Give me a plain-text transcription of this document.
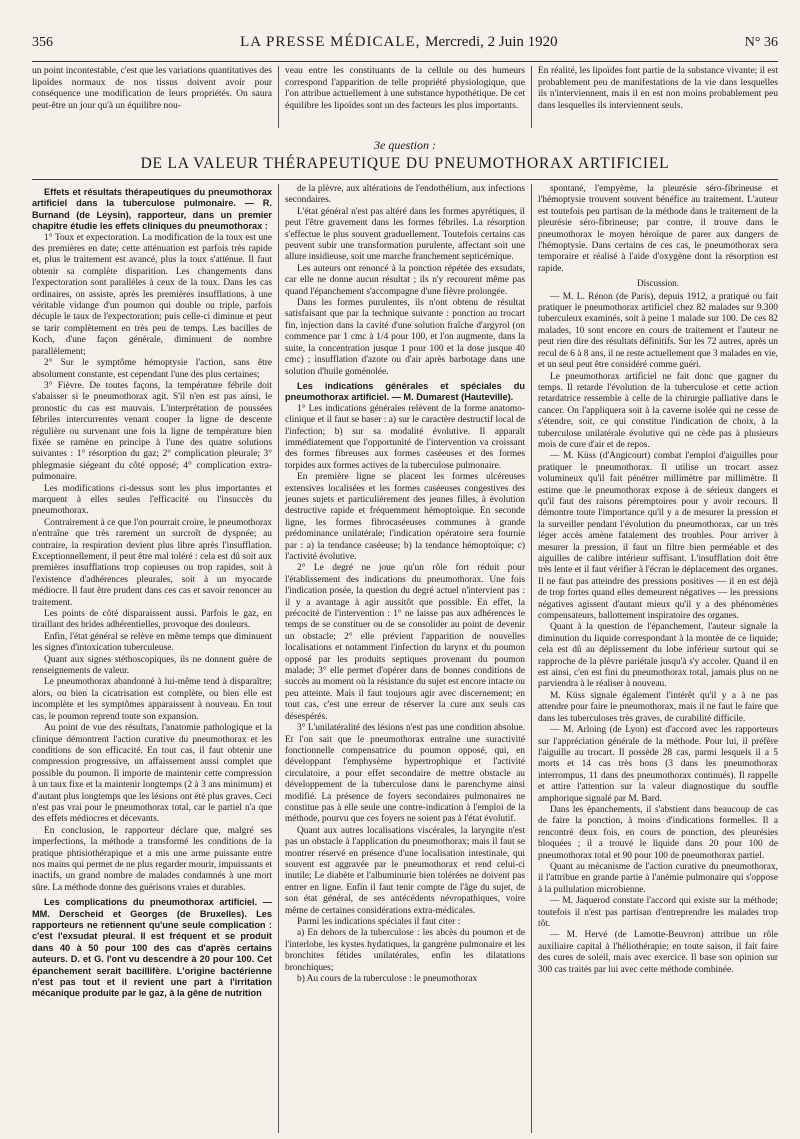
356	LA PRESSE MÉDICALE, Mercredi, 2 Juin 1920	N° 36
un point incontestable, c'est que les variations quantitatives des lipoïdes normaux de nos tissus doivent avoir pour conséquence une modification de leurs propriétés. On saura peut-être un jour qu'à un équilibre nou-
veau entre les constituants de la cellule ou des humeurs correspond l'apparition de telle propriété physiologique, que l'on attribue actuellement à une substance hypothétique. De cet équilibre les lipoïdes sont un des facteurs les plus importants.
En réalité, les lipoïdes font partie de la substance vivante; il est probablement peu de manifestations de la vie dans lesquelles ils n'interviennent, mais il en est non moins probablement peu dans lesquelles ils interviennent seuls.
3e question :
DE LA VALEUR THÉRAPEUTIQUE DU PNEUMOTHORAX ARTIFICIEL

Effets et résultats thérapeutiques du pneumothorax artificiel dans la tuberculose pulmonaire. — R. Burnand (de Leysin), rapporteur, dans un premier chapitre étudie les effets cliniques du pneumothorax :

1° Toux et expectoration. La modification de la toux est une des premières en date; cette atténuation est parfois très rapide et, plus le traitement est avancé, plus la toux s'atténue. Il faut obtenir sa complète disparition. Les changements dans l'expectoration sont parallèles à ceux de la toux. Dans les cas ordinaires, on assiste, après les premières insufflations, à une véritable vidange d'un poumon qui double ou triple, parfois décuple le taux de l'expectoration; puis celle-ci diminue et peut se tarir complètement en très peu de temps. Les bacilles de Koch, d'une façon générale, diminuent de nombre parallèlement;

2° Sur le symptôme hémoptysie l'action, sans être absolument constante, est cependant l'une des plus certaines;

3° Fièvre. De toutes façons, la température fébrile doit s'abaisser si le pneumothorax agit. S'il n'en est pas ainsi, le pronostic du cas est mauvais. L'interprétation de poussées fébriles intercurrentes venant couper la ligne de descente régulière ou survenant une fois la ligne de température bien fixée se ramène en principe à l'une des quatre solutions suivantes : 1° résorption du gaz; 2° complication pleurale; 3° phlegmasie siégeant du côté opposé; 4° complication extra-pulmonaire.

Les modifications ci-dessus sont les plus importantes et marquent à elles seules l'efficacité ou l'insuccès du pneumothorax.

Contrairement à ce que l'on pourrait croire, le pneumothorax n'entraîne que très rarement un surcroît de dyspnée; au contraire, la respiration devient plus libre après l'insufflation. Exceptionnellement, il peut être mal toléré : cela est dû soit aux premières insufflations trop copieuses ou trop rapides, soit à l'existence d'adhérences pleurales, soit à un myocarde médiocre. Il faut être prudent dans ces cas et savoir renoncer au traitement.

Les points de côté disparaissent aussi. Parfois le gaz, en tiraillant des brides adhérentielles, provoque des douleurs.

Enfin, l'état général se relève en même temps que diminuent les signes d'intoxication tuberculeuse.

Quant aux signes stéthoscopiques, ils ne donnent guère de renseignements de valeur.

Le pneumothorax abandonné à lui-même tend à disparaître; alors, ou bien la cicatrisation est complète, ou bien elle est incomplète et les symptômes apparaissent à nouveau. En tout cas, le poumon reprend toute son expansion.

Au point de vue des résultats, l'anatomie pathologique et la clinique démontrent l'action curative du pneumothorax et les conditions de son efficacité. En tout cas, il faut obtenir une compression progressive, un affaissement aussi complet que possible du poumon. Il importe de maintenir cette compression à un taux fixe et la maintenir longtemps (2 à 3 ans minimum) et d'autant plus longtemps que les lésions ont été plus graves. Ceci n'est pas vrai pour le pneumothorax total, car le partiel n'a que des effets médiocres et décevants.

En conclusion, le rapporteur déclare que, malgré ses imperfections, la méthode a transformé les conditions de la pratique phtisiothérapique et a mis une arme puissante entre nos mains qui permet de ne plus regarder mourir, impuissants et inactifs, un grand nombre de malades condamnés à une mort sûre. La méthode donne des guérisons vraies et durables.

Les complications du pneumothorax artificiel. — MM. Derscheid et Georges (de Bruxelles). Les rapporteurs ne retiennent qu'une seule complication : c'est l'exsudat pleural. Il est fréquent et se produit dans 40 à 50 pour 100 des cas d'après certains auteurs. D. et G. l'ont vu descendre à 20 pour 100. Cet épanchement serait bacillifère. L'origine bactérienne n'est pas tout et il revient une part à l'irritation mécanique produite par le gaz, à la gêne de nutrition

de la plèvre, aux altérations de l'endothélium, aux infections secondaires.

L'état général n'est pas altéré dans les formes apyrétiques, il peut l'être gravement dans les formes fébriles. La résorption s'effectue le plus souvent graduellement. Toutefois certains cas peuvent subir une transformation purulente, affectant soit une allure insidieuse, soit une marche franchement septicémique.

Les auteurs ont renoncé à la ponction répétée des exsudats, car elle ne donne aucun résultat ; ils n'y recourent même pas quand l'épanchement s'accompagne d'une fièvre prolongée.

Dans les formes purulentes, ils n'ont obtenu de résultat satisfaisant que par la technique suivante : ponction au trocart fin, injection dans la cavité d'une solution fraîche d'argyrol (on commence par 1 cmc à 1/4 pour 100, et l'on augmente, dans la suite, la concentration jusque 1 pour 100 et la dose jusque 40 cmc) ; insufflation d'azote ou d'air après barbotage dans une solution d'huile goménolée.

Les indications générales et spéciales du pneumothorax artificiel. — M. Dumarest (Hauteville).

1° Les indications générales relèvent de la forme anatomo-clinique et il faut se baser : a) sur le caractère destructif local de l'infection; b) sur sa modalité évolutive. Il apparaît immédiatement que l'opportunité de l'intervention va croissant des formes fibreuses aux formes caséeuses et des formes torpides aux formes actives de la tuberculose pulmonaire.

En première ligne se placent les formes ulcéreuses extensives localisées et les formes caséeuses congestives des jeunes sujets et particulièrement des jeunes filles, à évolution destructive rapide et fréquemment hémoptoïque. En seconde ligne, les formes fibrocaséeuses communes à grande prédominance unilatérale; l'indication opératoire sera fournie par : a) la tendance caséeuse; b) la tendance hémoptoïque; c) l'activité évolutive.

2° Le degré ne joue qu'un rôle fort réduit pour l'établissement des indications du pneumothorax. Une fois l'indication posée, la question du degré actuel n'intervient pas : il y a avantage à agir aussitôt que possible. En effet, la précocité de l'intervention : 1° ne laisse pas aux adhérences le temps de se constituer ou de se consolider au point de devenir un obstacle; 2° elle prévient l'apparition de nouvelles localisations et notamment l'infection du larynx et du poumon opposé par les produits septiques provenant du poumon malade; 3° elle permet d'opérer dans de bonnes conditions de succès au moment où la résistance du sujet est encore intacte ou peu atteinte. Mais il faut toujours agir avec discernement; en tout cas, c'est une erreur de réserver la cure aux seuls cas désespérés.

3° L'unilatéralité des lésions n'est pas une condition absolue. Et l'on sait que le pneumothorax entraîne une suractivité fonctionnelle compensatrice du poumon opposé, qui, en développant l'emphysème hypertrophique et l'activité circulatoire, a pour effet secondaire de mettre obstacle au développement de la tuberculose dans le parenchyme ainsi modifié. La présence de foyers secondaires pulmonaires ne constitue pas à elle seule une contre-indication à l'emploi de la méthode, pourvu que ces foyers ne soient pas à l'état évolutif.

Quant aux autres localisations viscérales, la laryngite n'est pas un obstacle à l'application du pneumothorax; mais il faut se montrer réservé en présence d'une localisation intestinale, qui souvent est aggravée par le pneumothorax et rend celui-ci inutile; Le diabète et l'albuminurie bien tolérées ne doivent pas entrer en ligne. Enfin il faut tenir compte de l'âge du sujet, de son état général, de ses antécédents névropathiques, voire même de certaines considérations extra-médicales.

Parmi les indications spéciales il faut citer :

a) En dehors de la tuberculose : les abcès du poumon et de l'interlobe, les kystes hydatiques, la gangrène pulmonaire et les bronchites fétides unilatérales, enfin les dilatations bronchiques;

b) Au cours de la tuberculose : le pneumothorax

spontané, l'empyème, la pleurésie séro-fibrineuse et l'hémoptysie trouvent souvent bénéfice au traitement. L'auteur est toutefois peu partisan de la méthode dans le traitement de la pleurésie séro-fibrineuse; par contre, il trouve dans le pneumothorax le moyen héroïque de parer aux dangers de l'hémoptysie. Dans certains de ces cas, le pneumothorax sera temporaire et réalisé à l'aide d'oxygène dont la résorption est rapide.

Discussion.

— M. L. Rénon (de Paris), depuis 1912, a pratiqué ou fait pratiquer le pneumothorax artificiel chez 82 malades sur 9.300 tuberculeux examinés, soit à peine 1 malade sur 100. De ces 82 malades, 10 sont encore en cours de traitement et l'auteur ne peut rien dire des résultats définitifs. Sur les 72 autres, après un recul de 6 à 8 ans, il ne reste actuellement que 3 malades en vie, et un seul peut être considéré comme guéri.

Le pneumothorax artificiel ne fait donc que gagner du temps. Il retarde l'évolution de la tuberculose et cette action retardatrice ressemble à celle de la chirurgie palliative dans le cancer. On l'appliquera soit à la caverne isolée qui ne cesse de s'étendre, soit, ce qui constitue l'indication de choix, à la tuberculose unilatérale évolutive qui ne cède pas à plusieurs mois de cure d'air et de repos.

— M. Küss (d'Angicourt) combat l'emploi d'aiguilles pour pratiquer le pneumothorax. Il utilise un trocart assez volumineux qu'il fait pénétrer millimètre par millimètre. Il estime que le pneumothorax expose à de sérieux dangers et qu'il faut des raisons péremptoires pour y avoir recours. Il démontre toute l'importance qu'il y a de mesurer la pression et la surveiller pendant l'évolution du pneumothorax, car un très léger accès amène fatalement des troubles. Pour arriver à mesurer la pression, il faut un filtre bien perméable et des aiguilles de calibre intérieur suffisant. L'insufflation doit être très lente et il faut vérifier à l'écran le déplacement des organes. Il ne faut pas atteindre des pressions positives — il en est déjà de trop fortes quand elles demeurent négatives — les pressions négatives agissent d'autant mieux qu'il y a des phénomènes compensateurs, ballottement inspiratoire des organes.

Quant à la question de l'épanchement, l'auteur signale la diminution du liquide correspondant à la montée de ce liquide; cela est dû au déplissement du lobe inférieur surtout qui se rapproche de la plèvre pariétale jusqu'à s'y accoler. Quand il en est ainsi, c'en est fini du pneumothorax total, jamais plus on ne parviendra à le réaliser à nouveau.

M. Küss signale également l'intérêt qu'il y a à ne pas attendre pour faire le pneumothorax, mais il ne faut le faire que dans les tuberculoses très graves, de curabilité difficile.

— M. Arloing (de Lyon) est d'accord avec les rapporteurs sur l'appréciation générale de la méthode. Pour lui, il préfère l'aiguille au trocart. Il possède 28 cas, parmi lesquels il a 5 morts et 14 cas très bons (3 dans les pneumothorax interrompus, 11 dans des pneumothorax continués). Il rappelle et attire l'attention sur la valeur diagnostique du souffle amphorique signalé par M. Bard.

Dans les épanchements, il s'abstient dans beaucoup de cas de faire la ponction, à moins d'indications formelles. Il a rencontré deux fois, en cours de ponction, des pleurésies bloquées ; il a trouvé le liquide dans 20 pour 100 de pneumothorax total et 90 pour 100 de pneumothorax partiel.

Quant au mécanisme de l'action curative du pneumothorax, il l'attribue en grande partie à l'anémie pulmonaire qui s'oppose à la pullulation microbienne.

— M. Jaquerod constate l'accord qui existe sur la méthode; toutefois il n'est pas partisan d'entreprendre les malades trop tôt.

— M. Hervé (de Lamotte-Beuvron) attribue un rôle auxiliaire capital à l'héliothérapie; en toute saison, il fait faire des cures de soleil, mais avec exercice. Il base son opinion sur 300 cas traités par lui avec cette méthode combinée.
